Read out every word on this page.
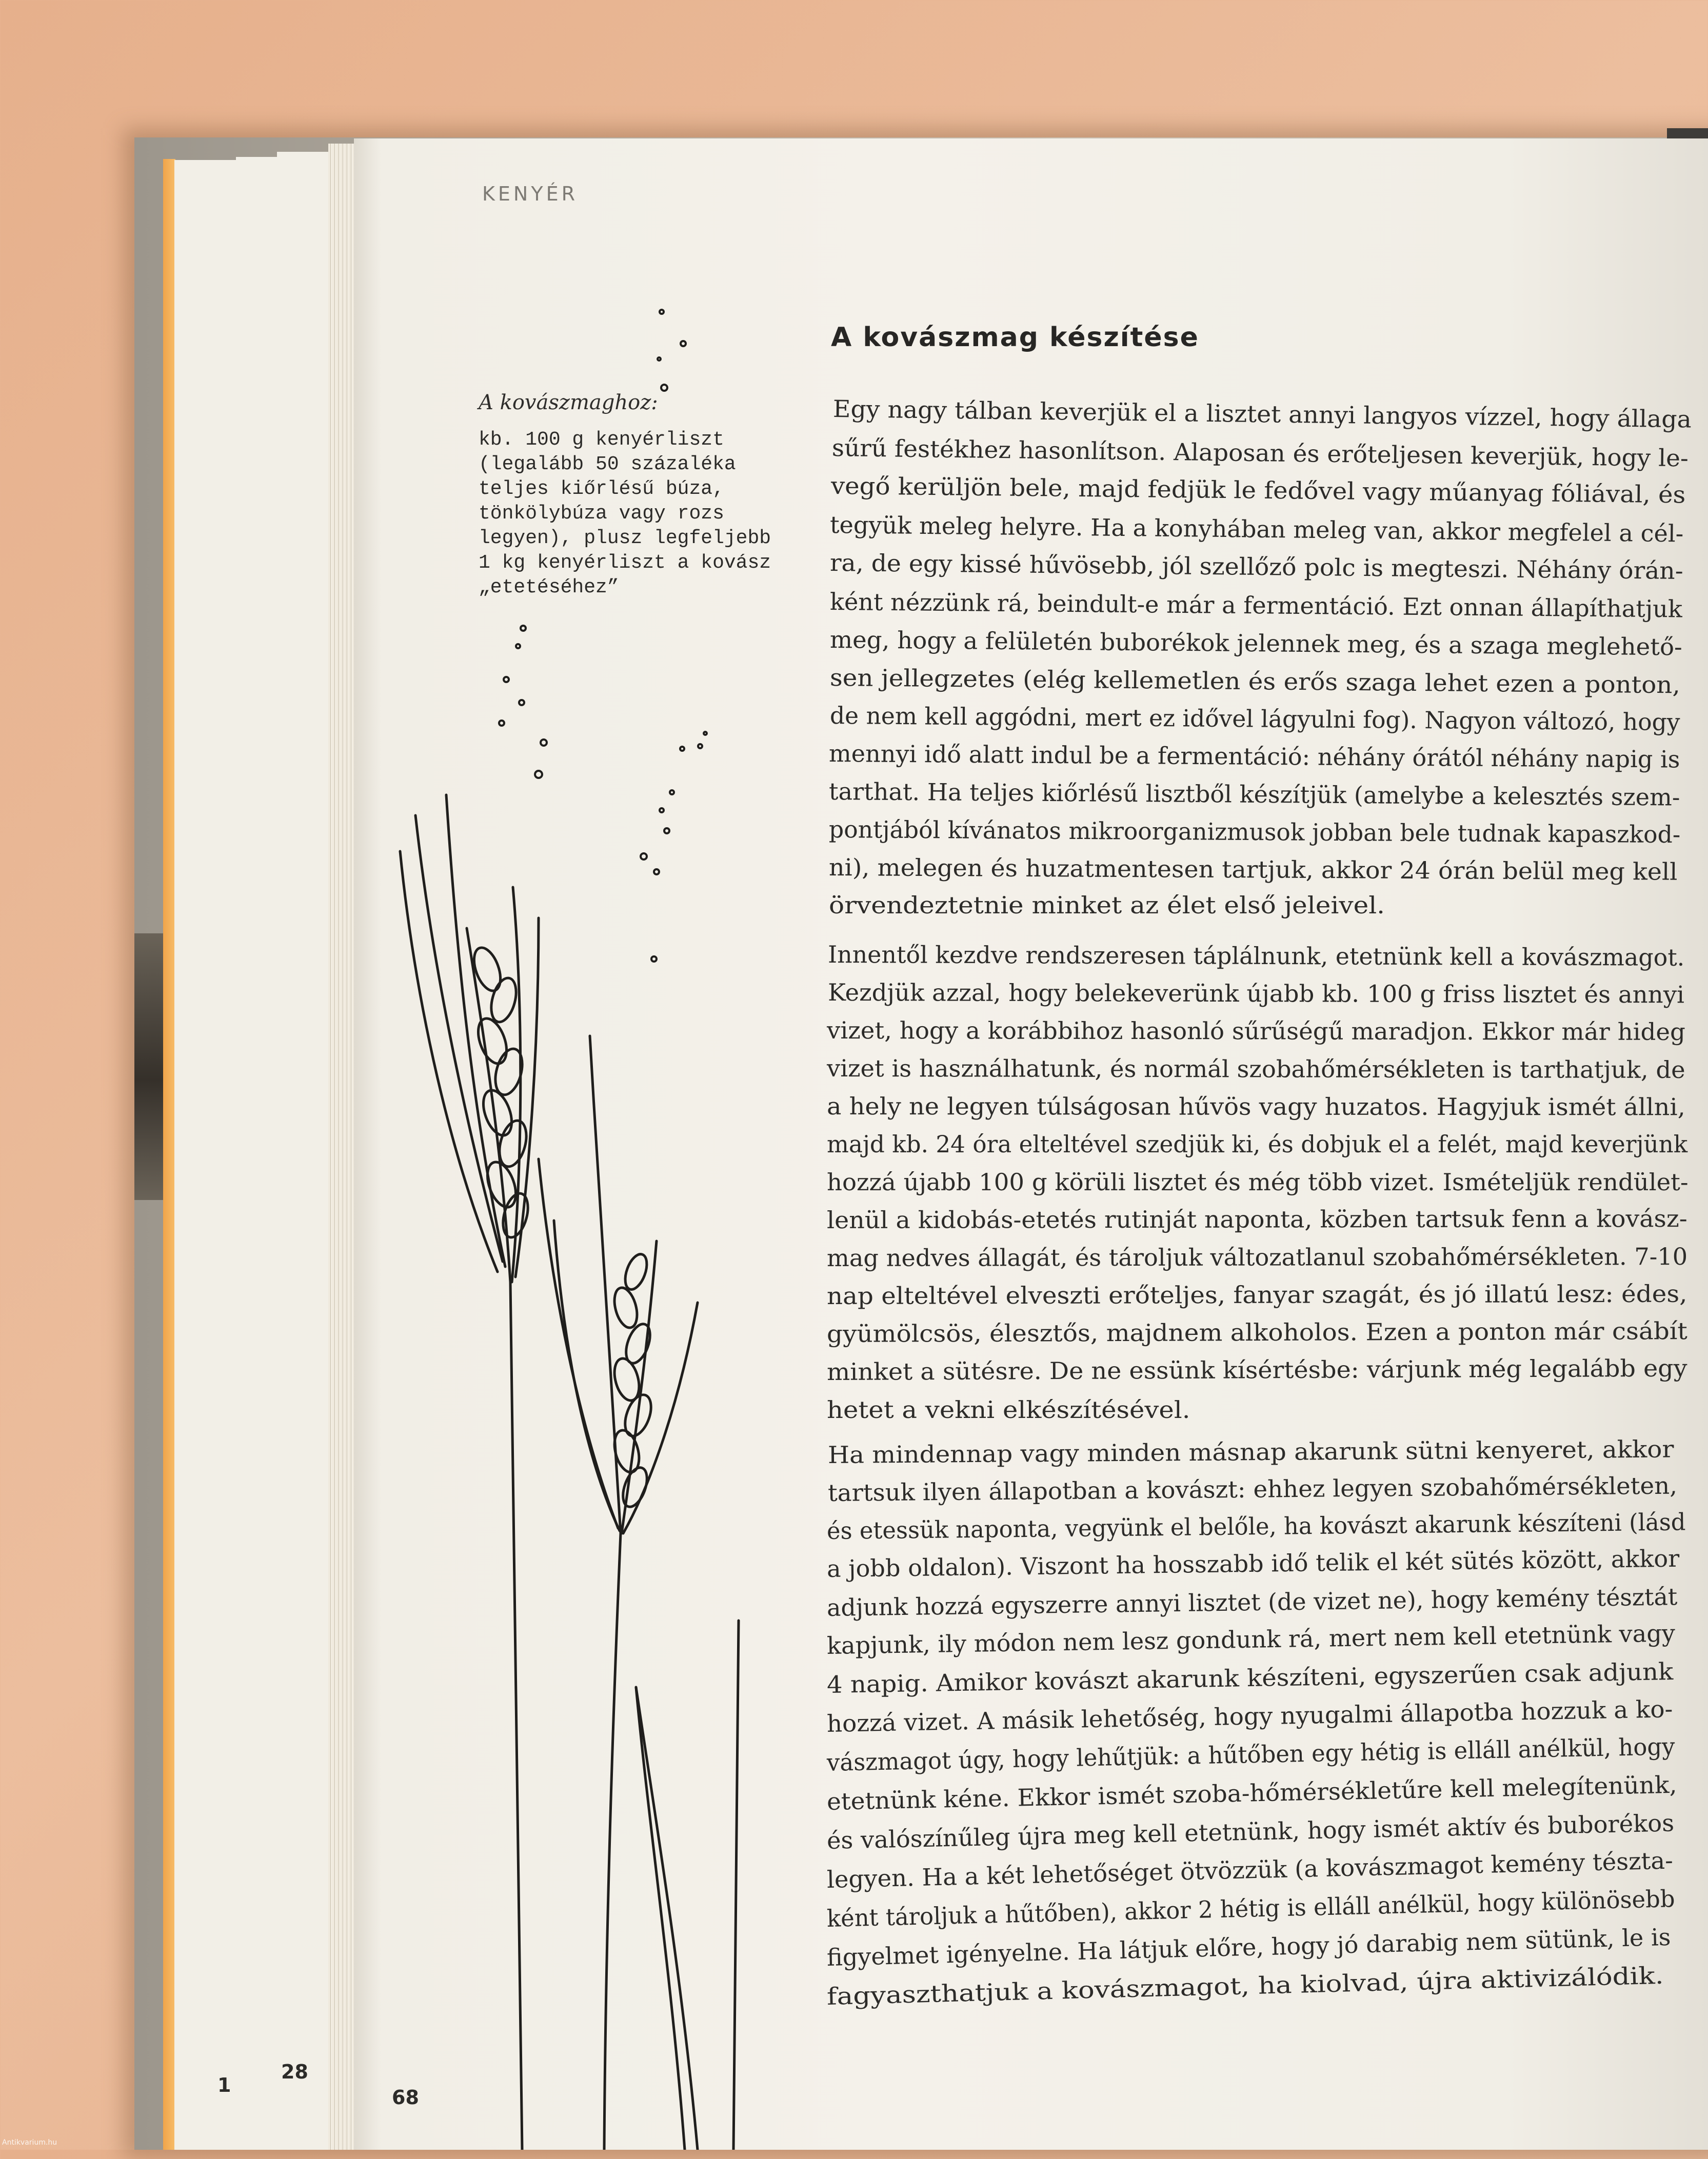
1
28
KENYÉR

A kovászmaghoz:

kb. 100 g kenyérliszt
(legalább 50 százaléka
teljes kiőrlésű búza,
tönkölybúza vagy rozs
legyen), plusz legfeljebb
1 kg kenyérliszt a kovász
„etetéséhez”

A kovászmag készítése
Egy nagy tálban keverjük el a lisztet annyi langyos vízzel, hogy állaga
sűrű festékhez hasonlítson. Alaposan és erőteljesen keverjük, hogy le-
vegő kerüljön bele, majd fedjük le fedővel vagy műanyag fóliával, és
tegyük meleg helyre. Ha a konyhában meleg van, akkor megfelel a cél-
ra, de egy kissé hűvösebb, jól szellőző polc is megteszi. Néhány órán-
ként nézzünk rá, beindult-e már a fermentáció. Ezt onnan állapíthatjuk
meg, hogy a felületén buborékok jelennek meg, és a szaga meglehető-
sen jellegzetes (elég kellemetlen és erős szaga lehet ezen a ponton,
de nem kell aggódni, mert ez idővel lágyulni fog). Nagyon változó, hogy
mennyi idő alatt indul be a fermentáció: néhány órától néhány napig is
tarthat. Ha teljes kiőrlésű lisztből készítjük (amelybe a kelesztés szem-
pontjából kívánatos mikroorganizmusok jobban bele tudnak kapaszkod-
ni), melegen és huzatmentesen tartjuk, akkor 24 órán belül meg kell
örvendeztetnie minket az élet első jeleivel.
Innentől kezdve rendszeresen táplálnunk, etetnünk kell a kovászmagot.
Kezdjük azzal, hogy belekeverünk újabb kb. 100 g friss lisztet és annyi
vizet, hogy a korábbihoz hasonló sűrűségű maradjon. Ekkor már hideg
vizet is használhatunk, és normál szobahőmérsékleten is tarthatjuk, de
a hely ne legyen túlságosan hűvös vagy huzatos. Hagyjuk ismét állni,
majd kb. 24 óra elteltével szedjük ki, és dobjuk el a felét, majd keverjünk
hozzá újabb 100 g körüli lisztet és még több vizet. Ismételjük rendület-
lenül a kidobás-etetés rutinját naponta, közben tartsuk fenn a kovász-
mag nedves állagát, és tároljuk változatlanul szobahőmérsékleten. 7-10
nap elteltével elveszti erőteljes, fanyar szagát, és jó illatú lesz: édes,
gyümölcsös, élesztős, majdnem alkoholos. Ezen a ponton már csábít
minket a sütésre. De ne essünk kísértésbe: várjunk még legalább egy
hetet a vekni elkészítésével.
Ha mindennap vagy minden másnap akarunk sütni kenyeret, akkor
tartsuk ilyen állapotban a kovászt: ehhez legyen szobahőmérsékleten,
és etessük naponta, vegyünk el belőle, ha kovászt akarunk készíteni (lásd
a jobb oldalon). Viszont ha hosszabb idő telik el két sütés között, akkor
adjunk hozzá egyszerre annyi lisztet (de vizet ne), hogy kemény tésztát
kapjunk, ily módon nem lesz gondunk rá, mert nem kell etetnünk vagy
4 napig. Amikor kovászt akarunk készíteni, egyszerűen csak adjunk
hozzá vizet. A másik lehetőség, hogy nyugalmi állapotba hozzuk a ko-
vászmagot úgy, hogy lehűtjük: a hűtőben egy hétig is elláll anélkül, hogy
etetnünk kéne. Ekkor ismét szoba-hőmérsékletűre kell melegítenünk,
és valószínűleg újra meg kell etetnünk, hogy ismét aktív és buborékos
legyen. Ha a két lehetőséget ötvözzük (a kovászmagot kemény tészta-
ként tároljuk a hűtőben), akkor 2 hétig is elláll anélkül, hogy különösebb
figyelmet igényelne. Ha látjuk előre, hogy jó darabig nem sütünk, le is
fagyaszthatjuk a kovászmagot, ha kiolvad, újra aktivizálódik.
68
Antikvarium.hu
